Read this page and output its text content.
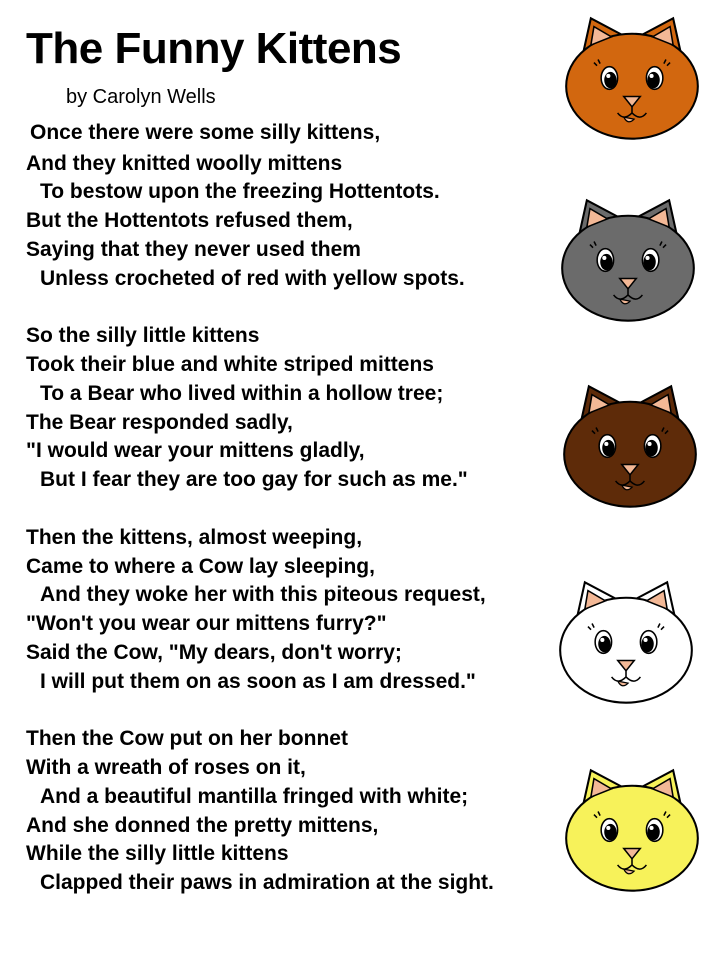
The Funny Kittens
by Carolyn Wells
Once there were some silly kittens,
And they knitted woolly mittens
To bestow upon the freezing Hottentots.
But the Hottentots refused them,
Saying that they never used them
Unless crocheted of red with yellow spots.
So the silly little kittens
Took their blue and white striped mittens
To a Bear who lived within a hollow tree;
The Bear responded sadly,
"I would wear your mittens gladly,
But I fear they are too gay for such as me."
Then the kittens, almost weeping,
Came to where a Cow lay sleeping,
And they woke her with this piteous request,
"Won't you wear our mittens furry?"
Said the Cow, "My dears, don't worry;
I will put them on as soon as I am dressed."
Then the Cow put on her bonnet
With a wreath of roses on it,
And a beautiful mantilla fringed with white;
And she donned the pretty mittens,
While the silly little kittens
Clapped their paws in admiration at the sight.
